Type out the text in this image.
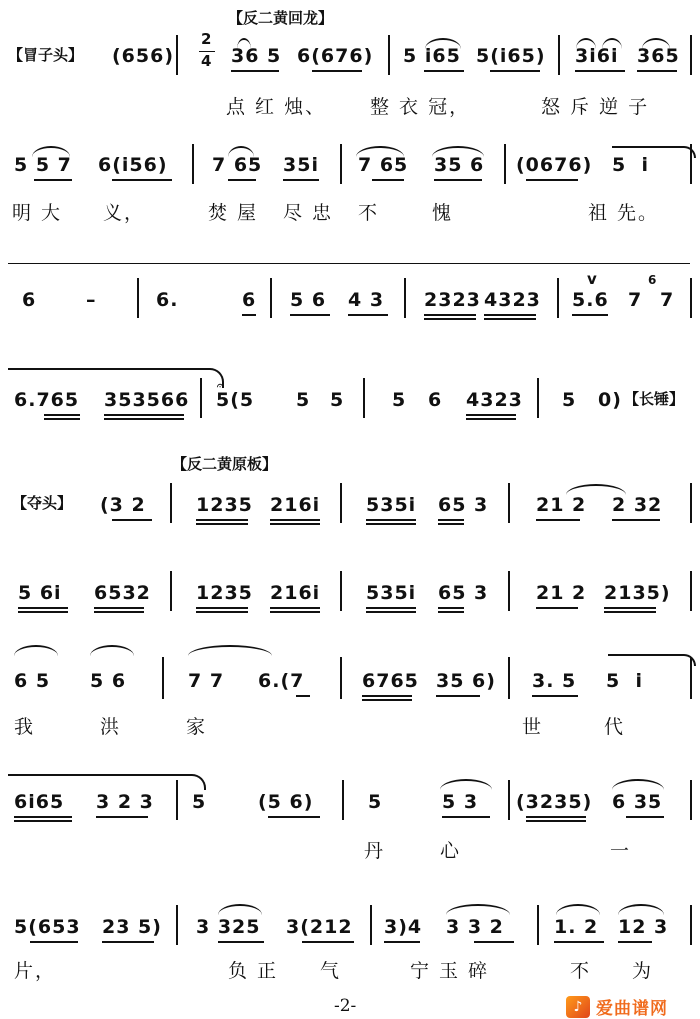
【反二黄回龙】
【反二黄原板】
【冒子头】 (656)
2
4 36 5 6(676) 5 i65 5(i65) 3i6i 365
点 红 烛、 整 衣 冠，	怒 斥 逆 子
5 5 7 6(i56) 7 65 35i 7 65 35 6 (0676) 5  i
明 大 义，	焚 屋 尽 忠 不	愧	祖 先。
6	–	6.	6 5 6 4 3 2323 4323
v
5.6 7
6
7
6.765 353566
𝄐
5(5 5 5	5 6 4323 5 0) 【长锤】
【夺头】 (3 2	1235 216i 535i 65 3	21 2 2 32
5 6i 6532 1235 216i 535i 65 3	21 2 2135)
6 5 5 6	7 7 6.(7	6765 35 6) 3. 5 5  i
我	洪	家	世	代
6i65 3 2 3 5	(5 6)	5	5 3 (3235) 6 35
丹	心	一
5(653 23 5) 3 325 3(212 3)4 3 3 2	1. 2 12 3
片，	负 正 气	宁 玉 碎	不 为
-2-	♪ 爱曲谱网
